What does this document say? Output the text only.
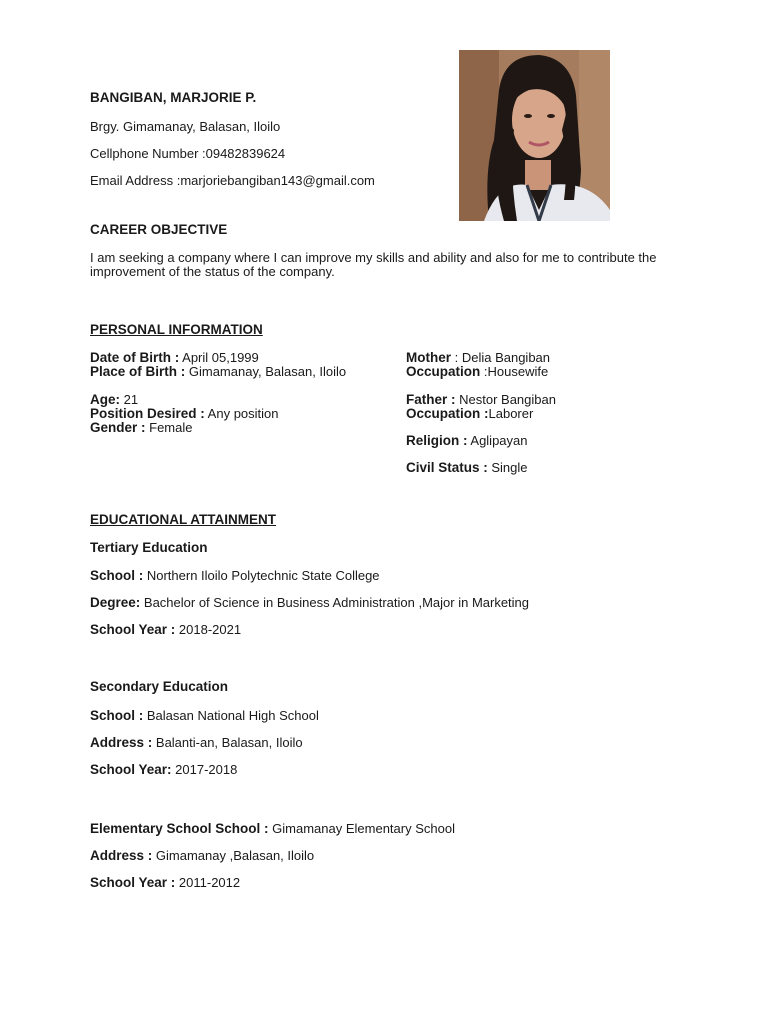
BANGIBAN, MARJORIE P.
Brgy. Gimamanay, Balasan, Iloilo
Cellphone Number :09482839624
Email Address :marjoriebangiban143@gmail.com
CAREER OBJECTIVE
I am seeking a company where I can improve my skills and ability and also for me to contribute the improvement of the status of the company.
PERSONAL INFORMATION
Date of Birth : April 05,1999
Place of Birth : Gimamanay, Balasan, Iloilo
Age: 21
Position Desired : Any position
Gender : Female
Mother : Delia Bangiban
Occupation :Housewife
Father : Nestor Bangiban
Occupation :Laborer
Religion : Aglipayan
Civil Status : Single
EDUCATIONAL ATTAINMENT
Tertiary Education
School : Northern Iloilo Polytechnic State College
Degree: Bachelor of Science in Business Administration ,Major in Marketing
School Year : 2018-2021
Secondary Education
School : Balasan National High School
Address : Balanti-an, Balasan, Iloilo
School Year: 2017-2018
Elementary School School : Gimamanay Elementary School
Address : Gimamanay ,Balasan, Iloilo
School Year : 2011-2012
